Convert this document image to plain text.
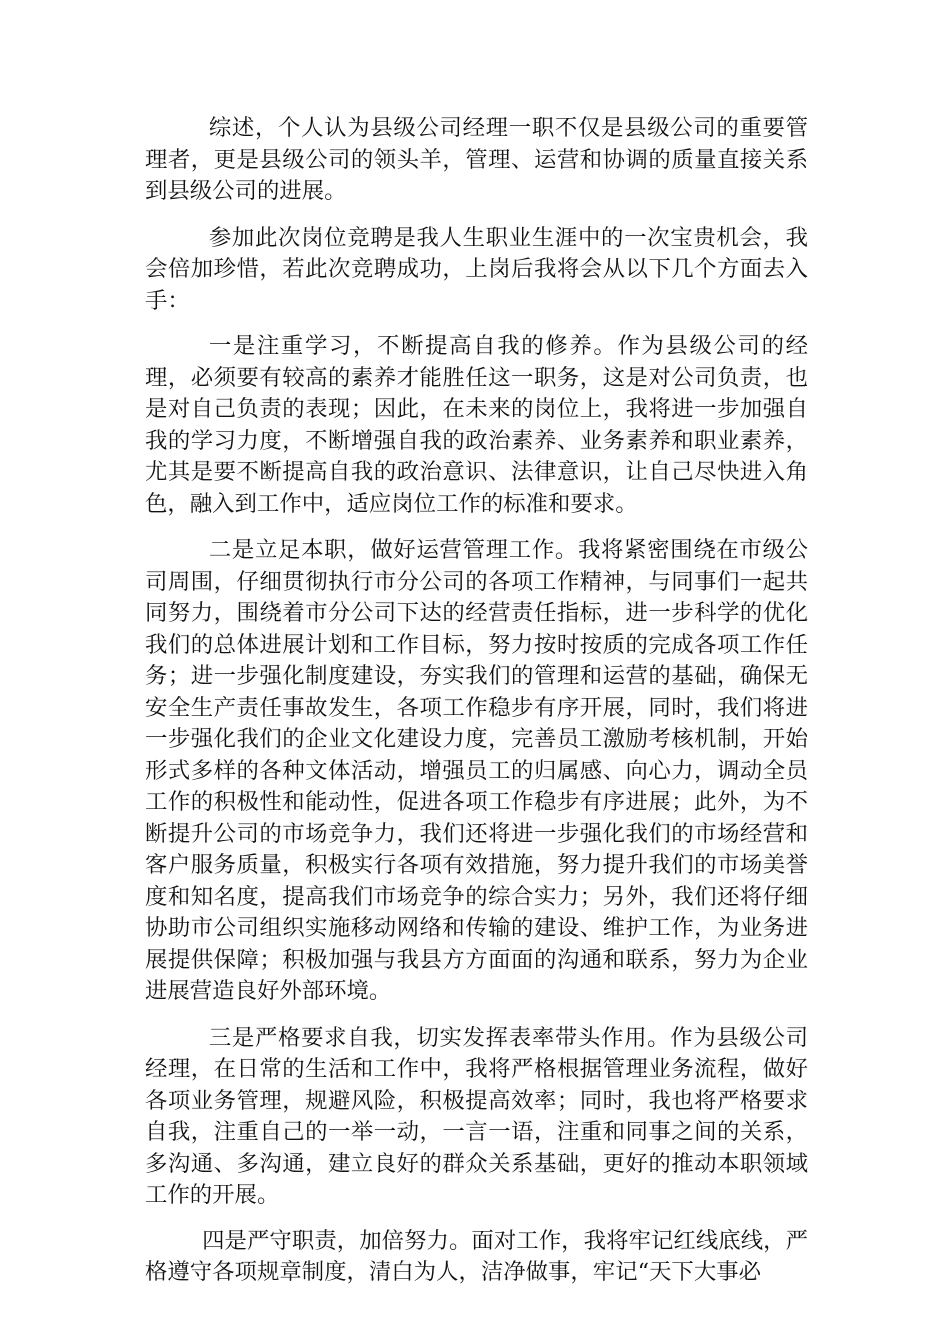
综述，个人认为县级公司经理一职不仅是县级公司的重要管理者，更是县级公司的领头羊，管理、运营和协调的质量直接关系到县级公司的进展。

参加此次岗位竞聘是我人生职业生涯中的一次宝贵机会，我会倍加珍惜，若此次竞聘成功，上岗后我将会从以下几个方面去入手：

一是注重学习，不断提高自我的修养。作为县级公司的经理，必须要有较高的素养才能胜任这一职务，这是对公司负责，也是对自己负责的表现；因此，在未来的岗位上，我将进一步加强自我的学习力度，不断增强自我的政治素养、业务素养和职业素养，尤其是要不断提高自我的政治意识、法律意识，让自己尽快进入角色，融入到工作中，适应岗位工作的标准和要求。

二是立足本职，做好运营管理工作。我将紧密围绕在市级公司周围，仔细贯彻执行市分公司的各项工作精神，与同事们一起共同努力，围绕着市分公司下达的经营责任指标，进一步科学的优化我们的总体进展计划和工作目标，努力按时按质的完成各项工作任务；进一步强化制度建设，夯实我们的管理和运营的基础，确保无安全生产责任事故发生，各项工作稳步有序开展，同时，我们将进一步强化我们的企业文化建设力度，完善员工激励考核机制，开始形式多样的各种文体活动，增强员工的归属感、向心力，调动全员工作的积极性和能动性，促进各项工作稳步有序进展；此外，为不断提升公司的市场竞争力，我们还将进一步强化我们的市场经营和客户服务质量，积极实行各项有效措施，努力提升我们的市场美誉度和知名度，提高我们市场竞争的综合实力；另外，我们还将仔细协助市公司组织实施移动网络和传输的建设、维护工作，为业务进展提供保障；积极加强与我县方方面面的沟通和联系，努力为企业进展营造良好外部环境。

三是严格要求自我，切实发挥表率带头作用。作为县级公司经理，在日常的生活和工作中，我将严格根据管理业务流程，做好各项业务管理，规避风险，积极提高效率；同时，我也将严格要求自我，注重自己的一举一动，一言一语，注重和同事之间的关系，多沟通、多沟通，建立良好的群众关系基础，更好的推动本职领域工作的开展。

四是严守职责，加倍努力。面对工作，我将牢记红线底线，严格遵守各项规章制度，清白为人，洁净做事，牢记“天下大事必
